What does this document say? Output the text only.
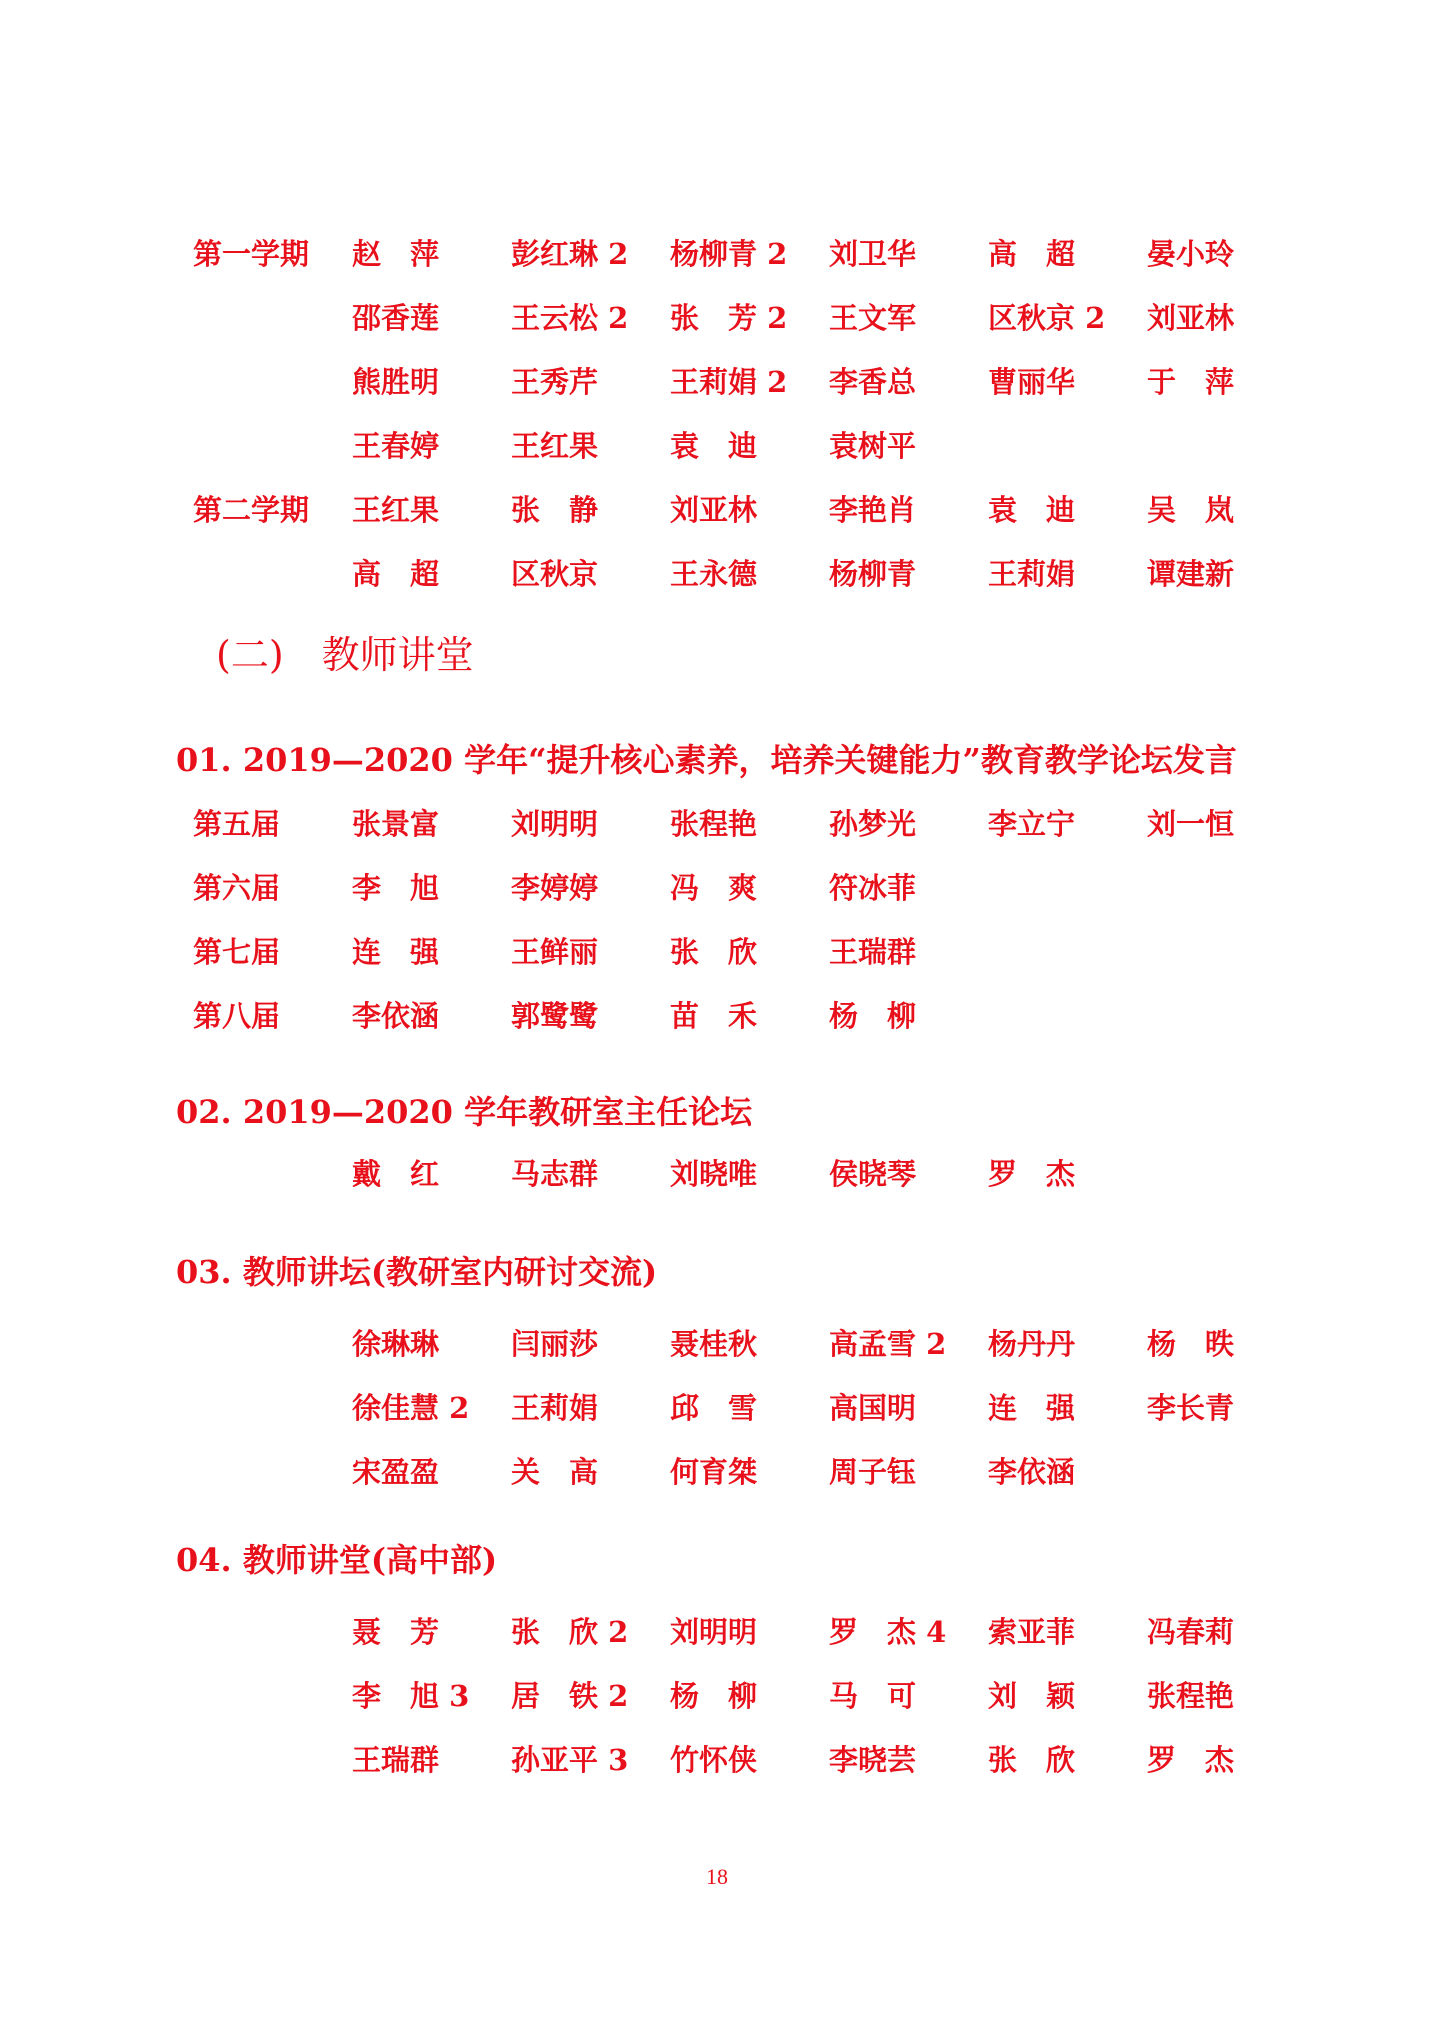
第一学期 赵　萍 彭红琳 2 杨柳青 2 刘卫华 高　超 晏小玲
邵香莲 王云松 2 张　芳 2 王文军 区秋京 2 刘亚林
熊胜明 王秀芹 王莉娟 2 李香总 曹丽华 于　萍
王春婷 王红果 袁　迪 袁树平
第二学期 王红果 张　静 刘亚林 李艳肖 袁　迪 吴　岚
高　超 区秋京 王永德 杨柳青 王莉娟 谭建新
(二)　教师讲堂
01. 2019—2020 学年“提升核心素养，培养关键能力”教育教学论坛发言
第五届 张景富 刘明明 张程艳 孙梦光 李立宁 刘一恒
第六届 李　旭 李婷婷 冯　爽 符冰菲
第七届 连　强 王鲜丽 张　欣 王瑞群
第八届 李依涵 郭鹭鹭 苗　禾 杨　柳
02. 2019—2020 学年教研室主任论坛
戴　红 马志群 刘晓唯 侯晓琴 罗　杰
03. 教师讲坛(教研室内研讨交流)
徐琳琳 闫丽莎 聂桂秋 高孟雪 2 杨丹丹 杨　昳
徐佳慧 2 王莉娟 邱　雪 高国明 连　强 李长青
宋盈盈 关　高 何育桀 周子钰 李依涵
04. 教师讲堂(高中部)
聂　芳 张　欣 2 刘明明 罗　杰 4 索亚菲 冯春莉
李　旭 3 居　铁 2 杨　柳 马　可 刘　颖 张程艳
王瑞群 孙亚平 3 竹怀侠 李晓芸 张　欣 罗　杰
18
